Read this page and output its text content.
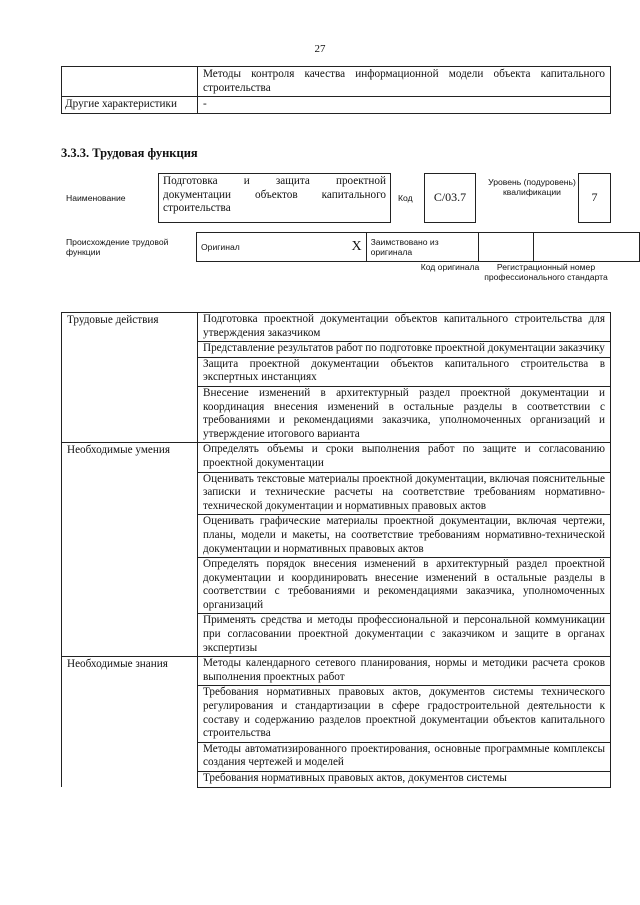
27
	Методы контроля качества информационной модели объекта капитального строительства
Другие характеристики	-
3.3.3. Трудовая функция
Наименование
Подготовка и защита проектной документации объектов капитального строительства
Код	С/03.7
Уровень (подуровень) квалификации	7
Происхождение трудовой функции	Оригинал	X	Заимствовано из оригинала		
Код оригинала	Регистрационный номер профессионального стандарта
Трудовые действия	Подготовка проектной документации объектов капитального строительства для утверждения заказчиком
	Представление результатов работ по подготовке проектной документации заказчику
	Защита проектной документации объектов капитального строительства в экспертных инстанциях
	Внесение изменений в архитектурный раздел проектной документации и координация внесения изменений в остальные разделы в соответствии с требованиями и рекомендациями заказчика, уполномоченных организаций и утверждение итогового варианта
Необходимые умения	Определять объемы и сроки выполнения работ по защите и согласованию проектной документации
	Оценивать текстовые материалы проектной документации, включая пояснительные записки и технические расчеты на соответствие требованиям нормативно-технической документации и нормативных правовых актов
	Оценивать графические материалы проектной документации, включая чертежи, планы, модели и макеты, на соответствие требованиям нормативно-технической документации и нормативных правовых актов
	Определять порядок внесения изменений в архитектурный раздел проектной документации и координировать внесение изменений в остальные разделы в соответствии с требованиями и рекомендациями заказчика, уполномоченных организаций
	Применять средства и методы профессиональной и персональной коммуникации при согласовании проектной документации с заказчиком и защите в органах экспертизы
Необходимые знания	Методы календарного сетевого планирования, нормы и методики расчета сроков выполнения проектных работ
	Требования нормативных правовых актов, документов системы технического регулирования и стандартизации в сфере градостроительной деятельности к составу и содержанию разделов проектной документации объектов капитального строительства
	Методы автоматизированного проектирования, основные программные комплексы создания чертежей и моделей
	Требования нормативных правовых актов, документов системы
